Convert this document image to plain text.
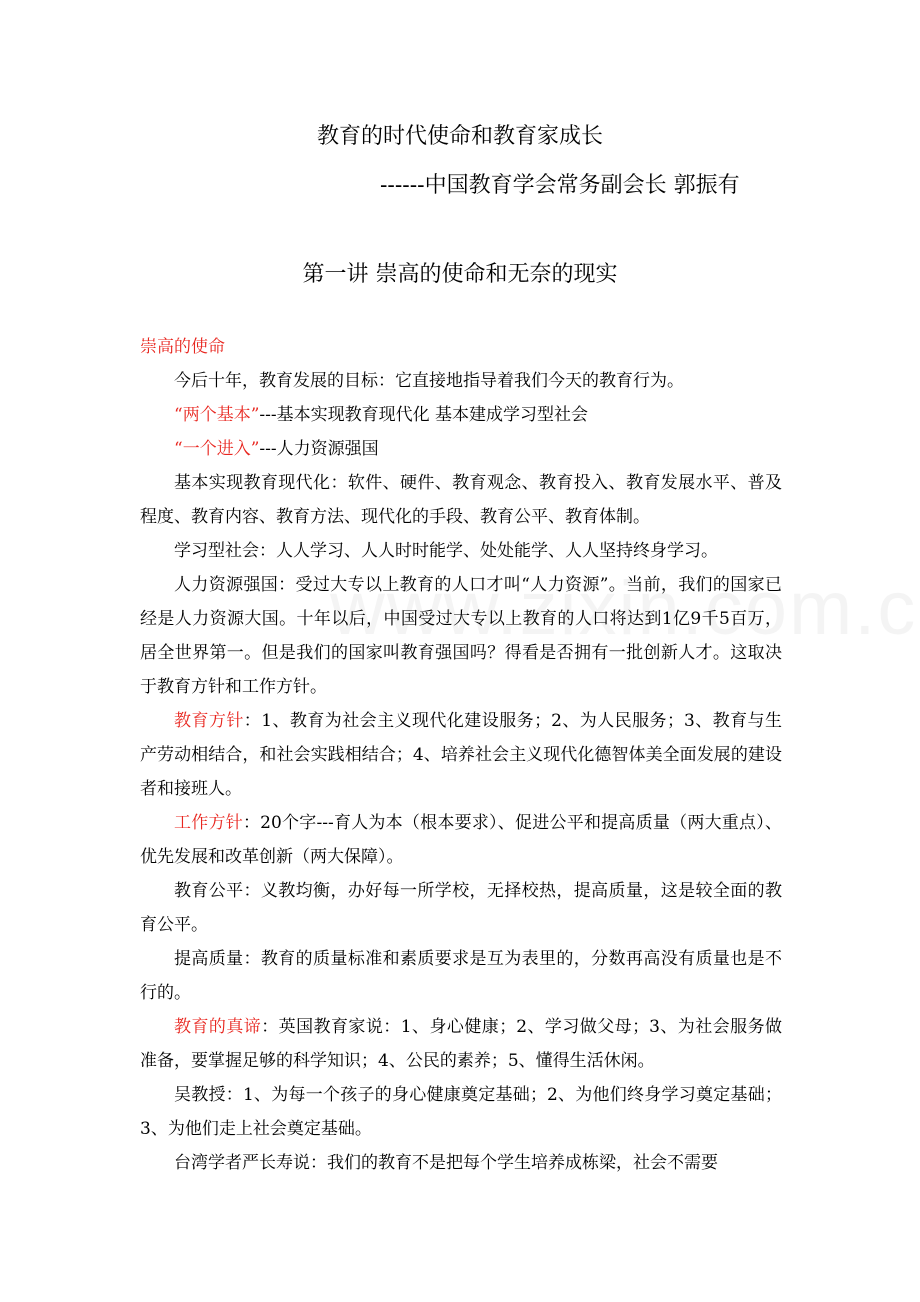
教育的时代使命和教育家成长
------中国教育学会常务副会长 郭振有
第一讲 崇高的使命和无奈的现实

崇高的使命

今后十年，教育发展的目标：它直接地指导着我们今天的教育行为。

“两个基本”---基本实现教育现代化 基本建成学习型社会

“一个进入”---人力资源强国

基本实现教育现代化：软件、硬件、教育观念、教育投入、教育发展水平、普及程度、教育内容、教育方法、现代化的手段、教育公平、教育体制。

学习型社会：人人学习、人人时时能学、处处能学、人人坚持终身学习。

人力资源强国：受过大专以上教育的人口才叫“人力资源”。当前，我们的国家已经是人力资源大国。十年以后，中国受过大专以上教育的人口将达到1亿9千5百万，居全世界第一。但是我们的国家叫教育强国吗？得看是否拥有一批创新人才。这取决于教育方针和工作方针。

教育方针：1、教育为社会主义现代化建设服务；2、为人民服务；3、教育与生产劳动相结合，和社会实践相结合；4、培养社会主义现代化德智体美全面发展的建设者和接班人。

工作方针：20个字---育人为本（根本要求）、促进公平和提高质量（两大重点）、优先发展和改革创新（两大保障）。

教育公平：义教均衡，办好每一所学校，无择校热，提高质量，这是较全面的教育公平。

提高质量：教育的质量标准和素质要求是互为表里的，分数再高没有质量也是不行的。

教育的真谛：英国教育家说：1、身心健康；2、学习做父母；3、为社会服务做准备，要掌握足够的科学知识；4、公民的素养；5、懂得生活休闲。

吴教授：1、为每一个孩子的身心健康奠定基础；2、为他们终身学习奠定基础；3、为他们走上社会奠定基础。

台湾学者严长寿说：我们的教育不是把每个学生培养成栋梁，社会不需要
